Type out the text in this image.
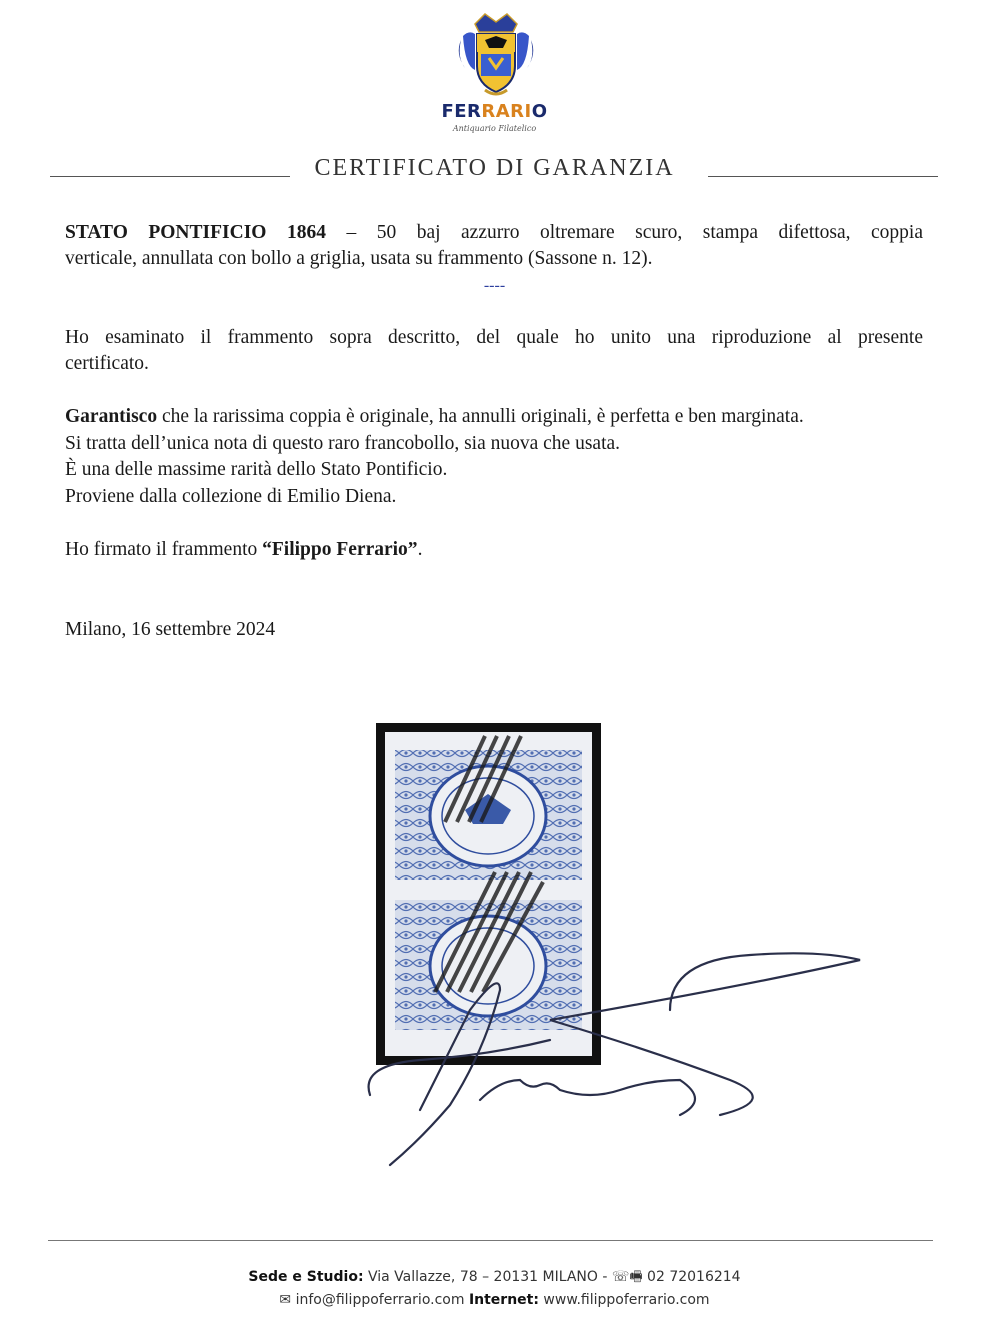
FERRARIO
Antiquario Filatelico
CERTIFICATO DI GARANZIA
STATO PONTIFICIO 1864 – 50 baj azzurro oltremare scuro, stampa difettosa, coppia
verticale, annullata con bollo a griglia, usata su frammento (Sassone n. 12).
----
Ho esaminato il frammento sopra descritto, del quale ho unito una riproduzione al presente
certificato.
Garantisco che la rarissima coppia è originale, ha annulli originali, è perfetta e ben marginata.
Si tratta dell’unica nota di questo raro francobollo, sia nuova che usata.
È una delle massime rarità dello Stato Pontificio.
Proviene dalla collezione di Emilio Diena.
Ho firmato il frammento “Filippo Ferrario”.
Milano, 16 settembre 2024
Sede e Studio: Via Vallazze, 78 – 20131 MILANO - ☏🖷 02 72016214
✉ info@filippoferrario.com Internet: www.filippoferrario.com
